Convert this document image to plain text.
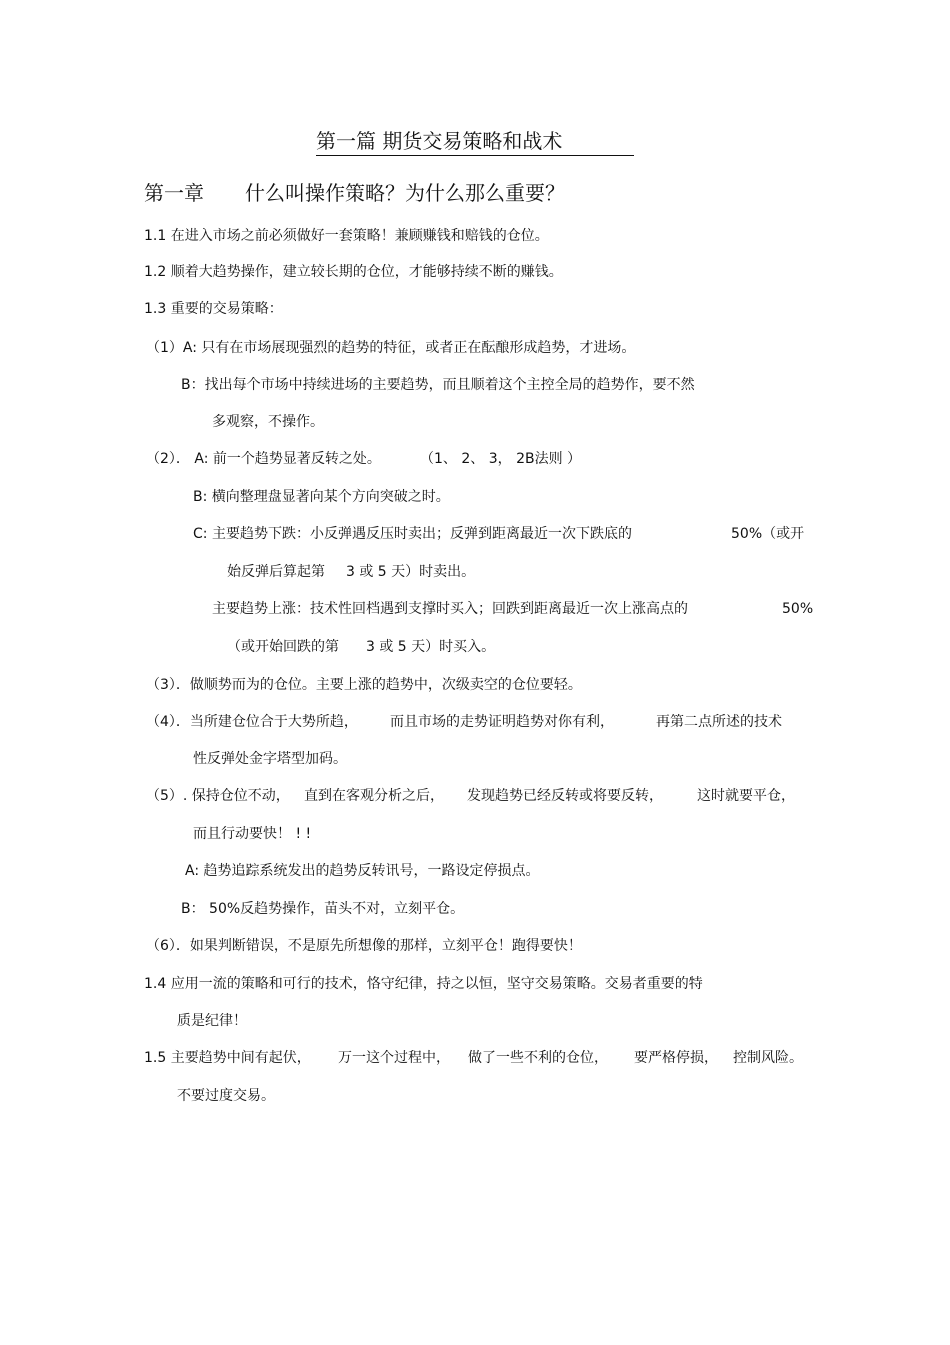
第一篇 期货交易策略和战术
第一章 什么叫操作策略？为什么那么重要？
1.1 在进入市场之前必须做好一套策略！兼顾赚钱和赔钱的仓位。
1.2 顺着大趋势操作，建立较长期的仓位，才能够持续不断的赚钱。
1.3 重要的交易策略：
（1）A: 只有在市场展现强烈的趋势的特征，或者正在酝酿形成趋势，才进场。
B：找出每个市场中持续进场的主要趋势，而且顺着这个主控全局的趋势作，要不然
多观察，不操作。
（2）． A: 前一个趋势显著反转之处。	（1、 2、 3， 2B法则 ）
B: 横向整理盘显著向某个方向突破之时。
C: 主要趋势下跌：小反弹遇反压时卖出；反弹到距离最近一次下跌底的	50%（或开
始反弹后算起第 3 或 5 天）时卖出。
主要趋势上涨：技术性回档遇到支撑时买入；回跌到距离最近一次上涨高点的	50%
（或开始回跌的第 3 或 5 天）时买入。
（3）．做顺势而为的仓位。主要上涨的趋势中，次级卖空的仓位要轻。
（4）．当所建仓位合于大势所趋， 而且市场的走势证明趋势对你有利，	再第二点所述的技术
性反弹处金字塔型加码。
（5）. 保持仓位不动， 直到在客观分析之后， 发现趋势已经反转或将要反转， 这时就要平仓，
而且行动要快！ ! !
A: 趋势追踪系统发出的趋势反转讯号，一路设定停损点。
B： 50%反趋势操作，苗头不对，立刻平仓。
（6）．如果判断错误，不是原先所想像的那样，立刻平仓！跑得要快！
1.4 应用一流的策略和可行的技术，恪守纪律，持之以恒，坚守交易策略。交易者重要的特
质是纪律！
1.5 主要趋势中间有起伏， 万一这个过程中， 做了一些不利的仓位， 要严格停损， 控制风险。
不要过度交易。
